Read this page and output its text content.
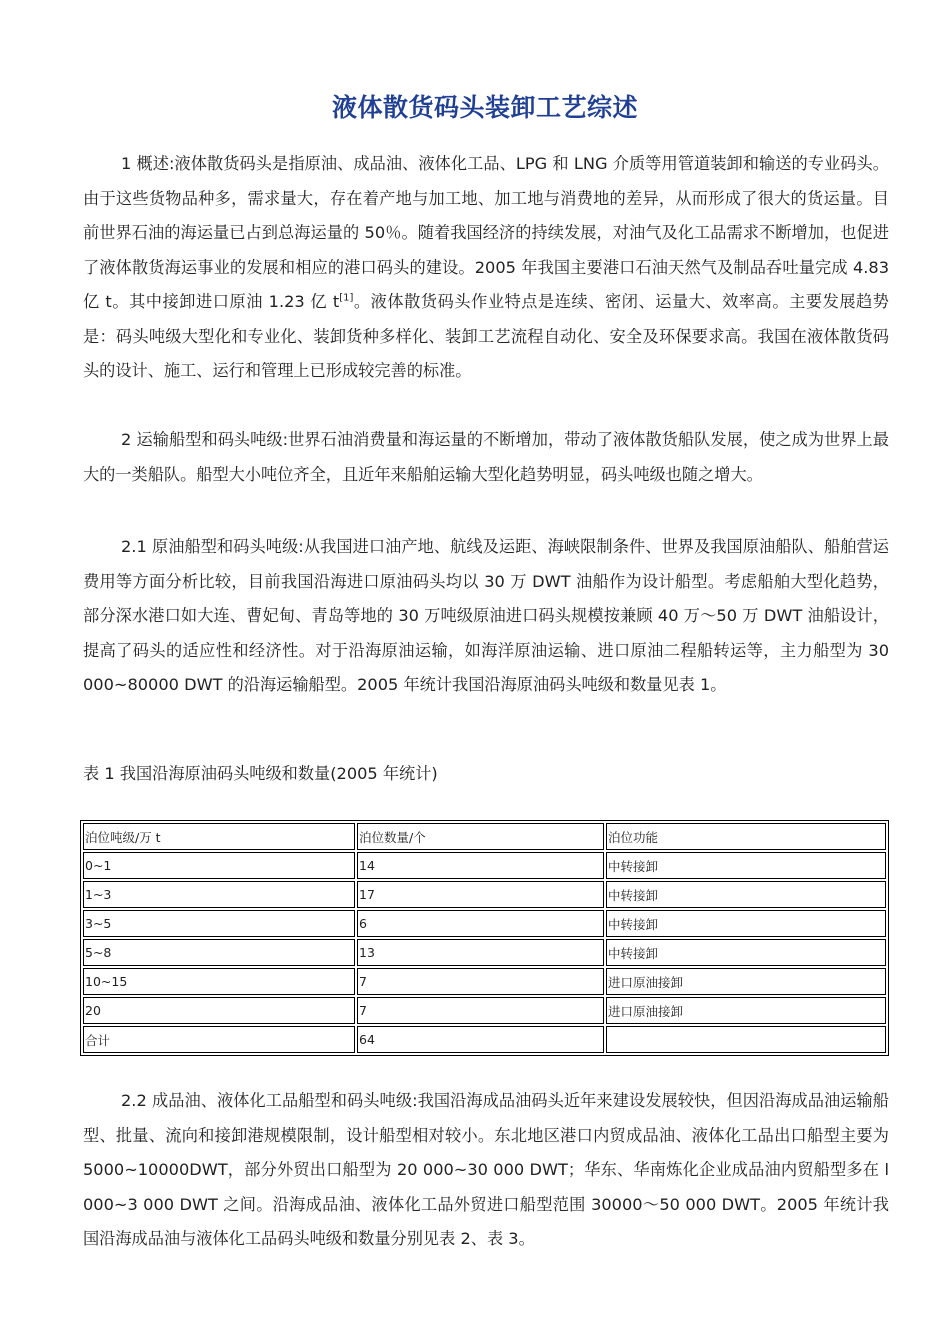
液体散货码头装卸工艺综述

1 概述:液体散货码头是指原油、成品油、液体化工品、LPG 和 LNG 介质等用管道装卸和输送的专业码头。由于这些货物品种多，需求量大，存在着产地与加工地、加工地与消费地的差异，从而形成了很大的货运量。目前世界石油的海运量已占到总海运量的 50％。随着我国经济的持续发展，对油气及化工品需求不断增加，也促进了液体散货海运事业的发展和相应的港口码头的建设。2005 年我国主要港口石油天然气及制品吞吐量完成 4.83 亿 t。其中接卸进口原油 1.23 亿 t[1]。液体散货码头作业特点是连续、密闭、运量大、效率高。主要发展趋势是：码头吨级大型化和专业化、装卸货种多样化、装卸工艺流程自动化、安全及环保要求高。我国在液体散货码头的设计、施工、运行和管理上已形成较完善的标准。

2 运输船型和码头吨级:世界石油消费量和海运量的不断增加，带动了液体散货船队发展，使之成为世界上最大的一类船队。船型大小吨位齐全，且近年来船舶运输大型化趋势明显，码头吨级也随之增大。

2.1 原油船型和码头吨级:从我国进口油产地、航线及运距、海峡限制条件、世界及我国原油船队、船舶营运费用等方面分析比较，目前我国沿海进口原油码头均以 30 万 DWT 油船作为设计船型。考虑船舶大型化趋势，部分深水港口如大连、曹妃甸、青岛等地的 30 万吨级原油进口码头规模按兼顾 40 万～50 万 DWT 油船设计，提高了码头的适应性和经济性。对于沿海原油运输，如海洋原油运输、进口原油二程船转运等，主力船型为 30 000~80000 DWT 的沿海运输船型。2005 年统计我国沿海原油码头吨级和数量见表 1。

表 1 我国沿海原油码头吨级和数量(2005 年统计)

泊位吨级/万 t	泊位数量/个	泊位功能
0~1	14	中转接卸
1~3	17	中转接卸
3~5	6	中转接卸
5~8	13	中转接卸
10~15	7	进口原油接卸
20	7	进口原油接卸
合计	64	

2.2 成品油、液体化工品船型和码头吨级:我国沿海成品油码头近年来建设发展较快，但因沿海成品油运输船型、批量、流向和接卸港规模限制，设计船型相对较小。东北地区港口内贸成品油、液体化工品出口船型主要为 5000~10000DWT，部分外贸出口船型为 20 000~30 000 DWT；华东、华南炼化企业成品油内贸船型多在 l 000~3 000 DWT 之间。沿海成品油、液体化工品外贸进口船型范围 30000～50 000 DWT。2005 年统计我国沿海成品油与液体化工品码头吨级和数量分别见表 2、表 3。
